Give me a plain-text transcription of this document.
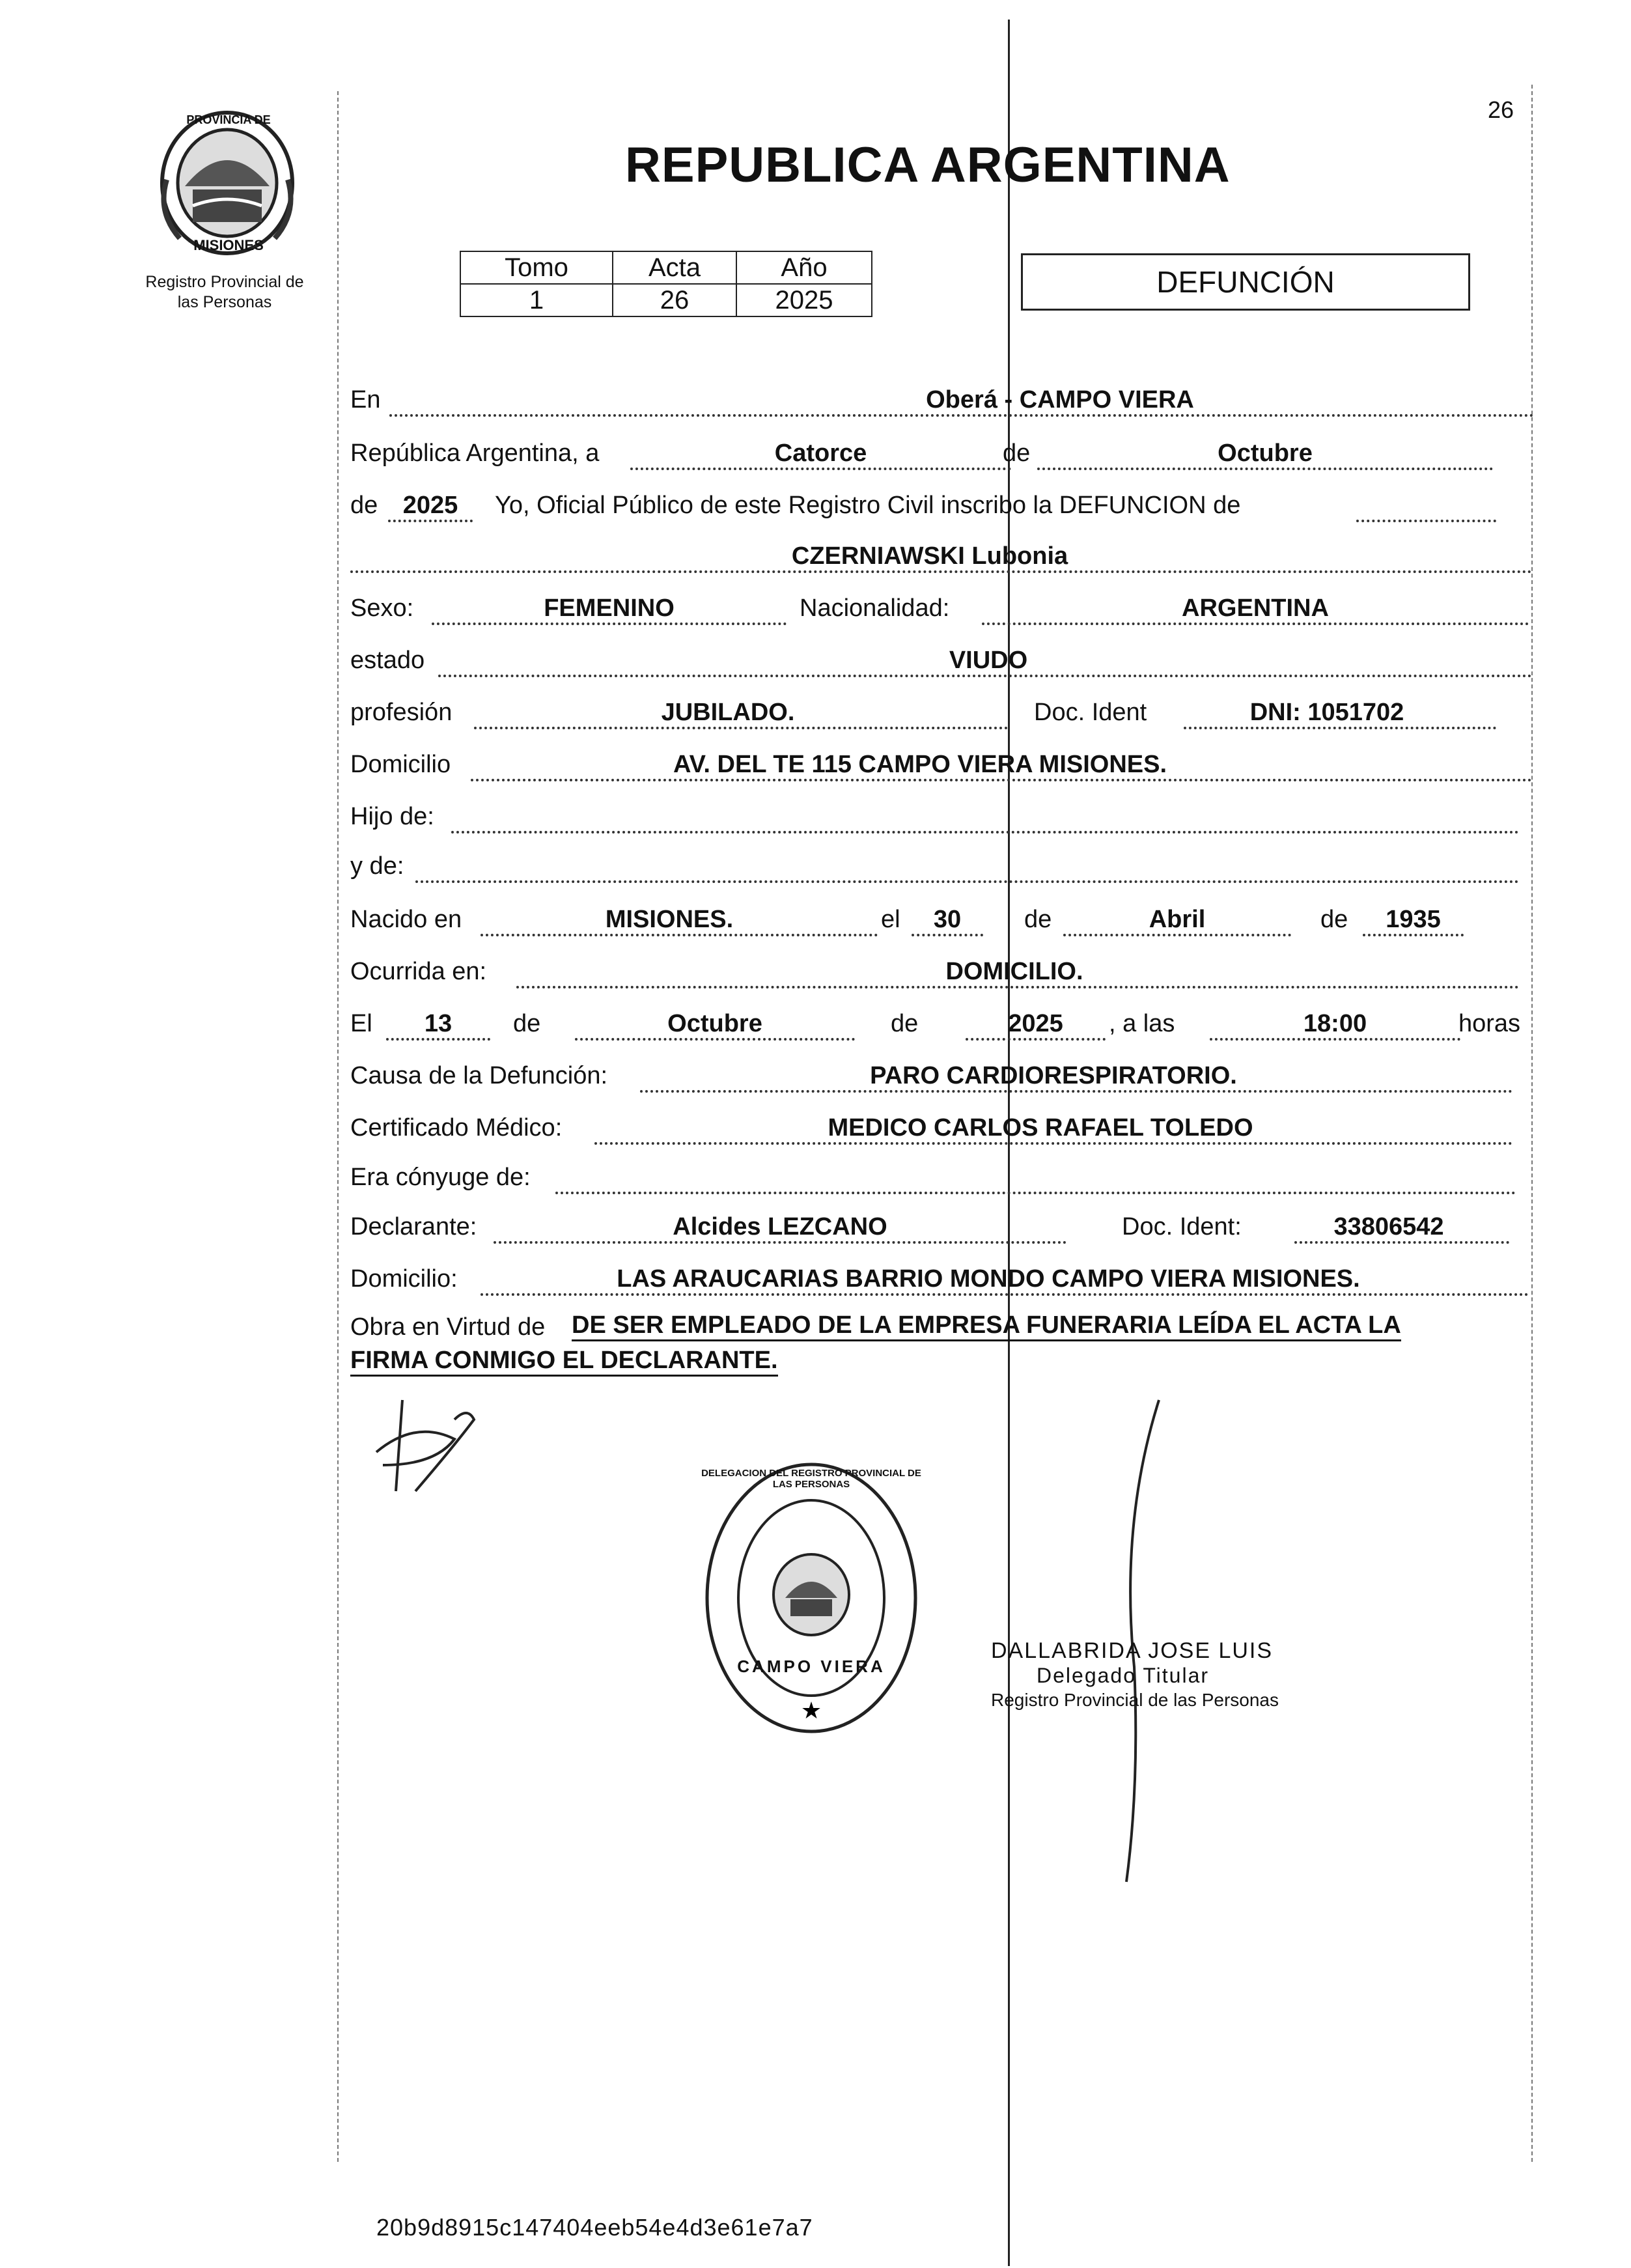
26
PROVINCIA DE
MISIONES
Registro Provincial de
las Personas
REPUBLICA ARGENTINA
Tomo	Acta	Año
1	26	2025
DEFUNCIÓN
En	Oberá - CAMPO VIERA
República Argentina, a	Catorce	de	Octubre
de	2025	Yo, Oficial Público de este Registro Civil inscribo la DEFUNCION de
CZERNIAWSKI Lubonia
Sexo:	FEMENINO	Nacionalidad:	ARGENTINA
estado	VIUDO
profesión	JUBILADO.	Doc. Ident	DNI: 1051702
Domicilio	AV. DEL TE 115 CAMPO VIERA MISIONES.
Hijo de:
y de:
Nacido en	MISIONES.	el	30	de	Abril	de	1935
Ocurrida en:	DOMICILIO.
El	13	de	Octubre	de	2025	, a las	18:00	horas
Causa de la Defunción:	PARO CARDIORESPIRATORIO.
Certificado Médico:	MEDICO CARLOS RAFAEL TOLEDO
Era cónyuge de:
Declarante:	Alcides LEZCANO	Doc. Ident:	33806542
Domicilio:	LAS ARAUCARIAS BARRIO MONDO CAMPO VIERA MISIONES.
Obra en Virtud de DE SER EMPLEADO DE LA EMPRESA FUNERARIA LEÍDA EL ACTA LA
FIRMA CONMIGO EL DECLARANTE.
★
DELEGACION DEL REGISTRO PROVINCIAL DE LAS PERSONAS
CAMPO VIERA
DALLABRIDA JOSE LUIS
Delegado Titular
Registro Provincial de las Personas
20b9d8915c147404eeb54e4d3e61e7a7
